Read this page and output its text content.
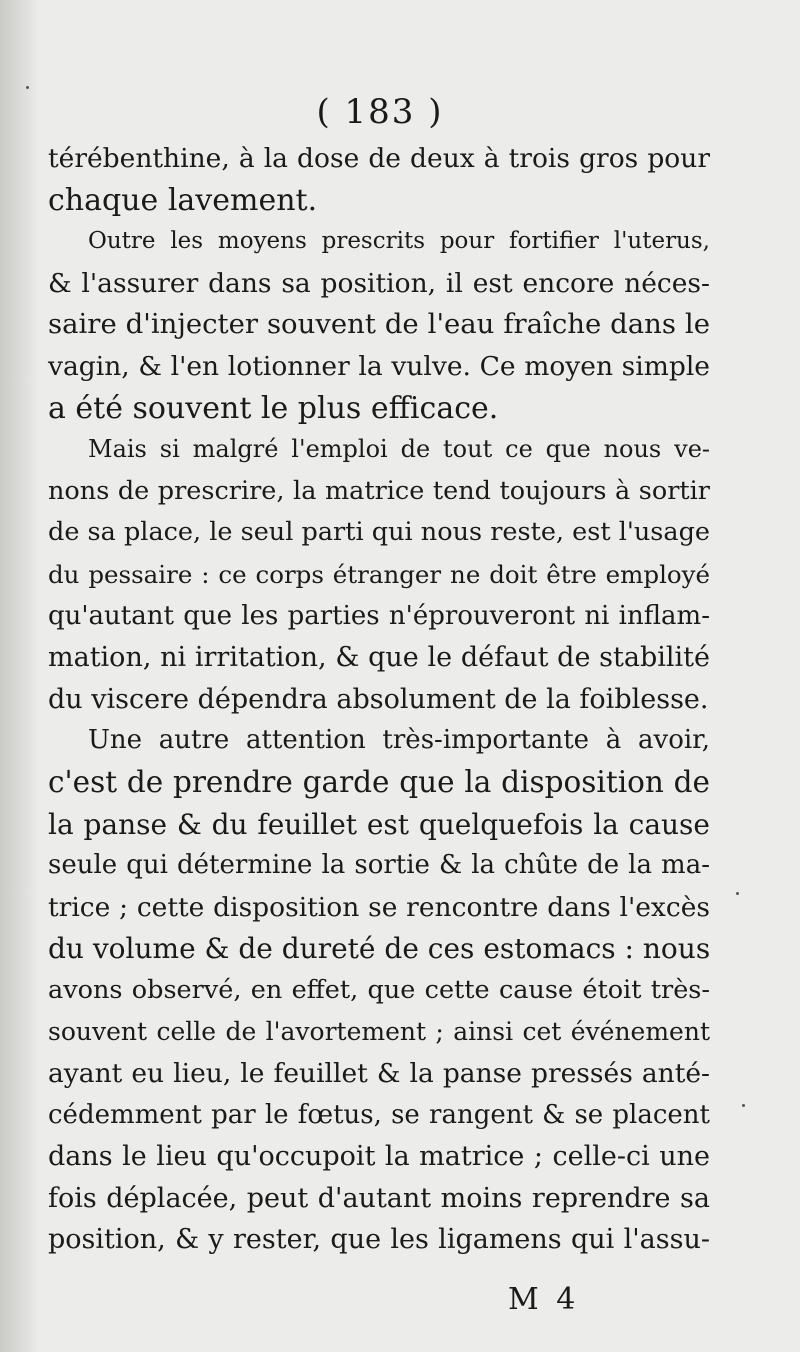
( 183 )
térébenthine, à la dose de deux à trois gros pour
chaque lavement.
Outre les moyens prescrits pour fortifier l'uterus,
& l'assurer dans sa position, il est encore néces-
saire d'injecter souvent de l'eau fraîche dans le
vagin, & l'en lotionner la vulve. Ce moyen simple
a été souvent le plus efficace.
Mais si malgré l'emploi de tout ce que nous ve-
nons de prescrire, la matrice tend toujours à sortir
de sa place, le seul parti qui nous reste, est l'usage
du pessaire : ce corps étranger ne doit être employé
qu'autant que les parties n'éprouveront ni inflam-
mation, ni irritation, & que le défaut de stabilité
du viscere dépendra absolument de la foiblesse.
Une autre attention très-importante à avoir,
c'est de prendre garde que la disposition de
la panse & du feuillet est quelquefois la cause
seule qui détermine la sortie & la chûte de la ma-
trice ; cette disposition se rencontre dans l'excès
du volume & de dureté de ces estomacs : nous
avons observé, en effet, que cette cause étoit très-
souvent celle de l'avortement ; ainsi cet événement
ayant eu lieu, le feuillet & la panse pressés anté-
cédemment par le fœtus, se rangent & se placent
dans le lieu qu'occupoit la matrice ; celle-ci une
fois déplacée, peut d'autant moins reprendre sa
position, & y rester, que les ligamens qui l'assu-
M 4
